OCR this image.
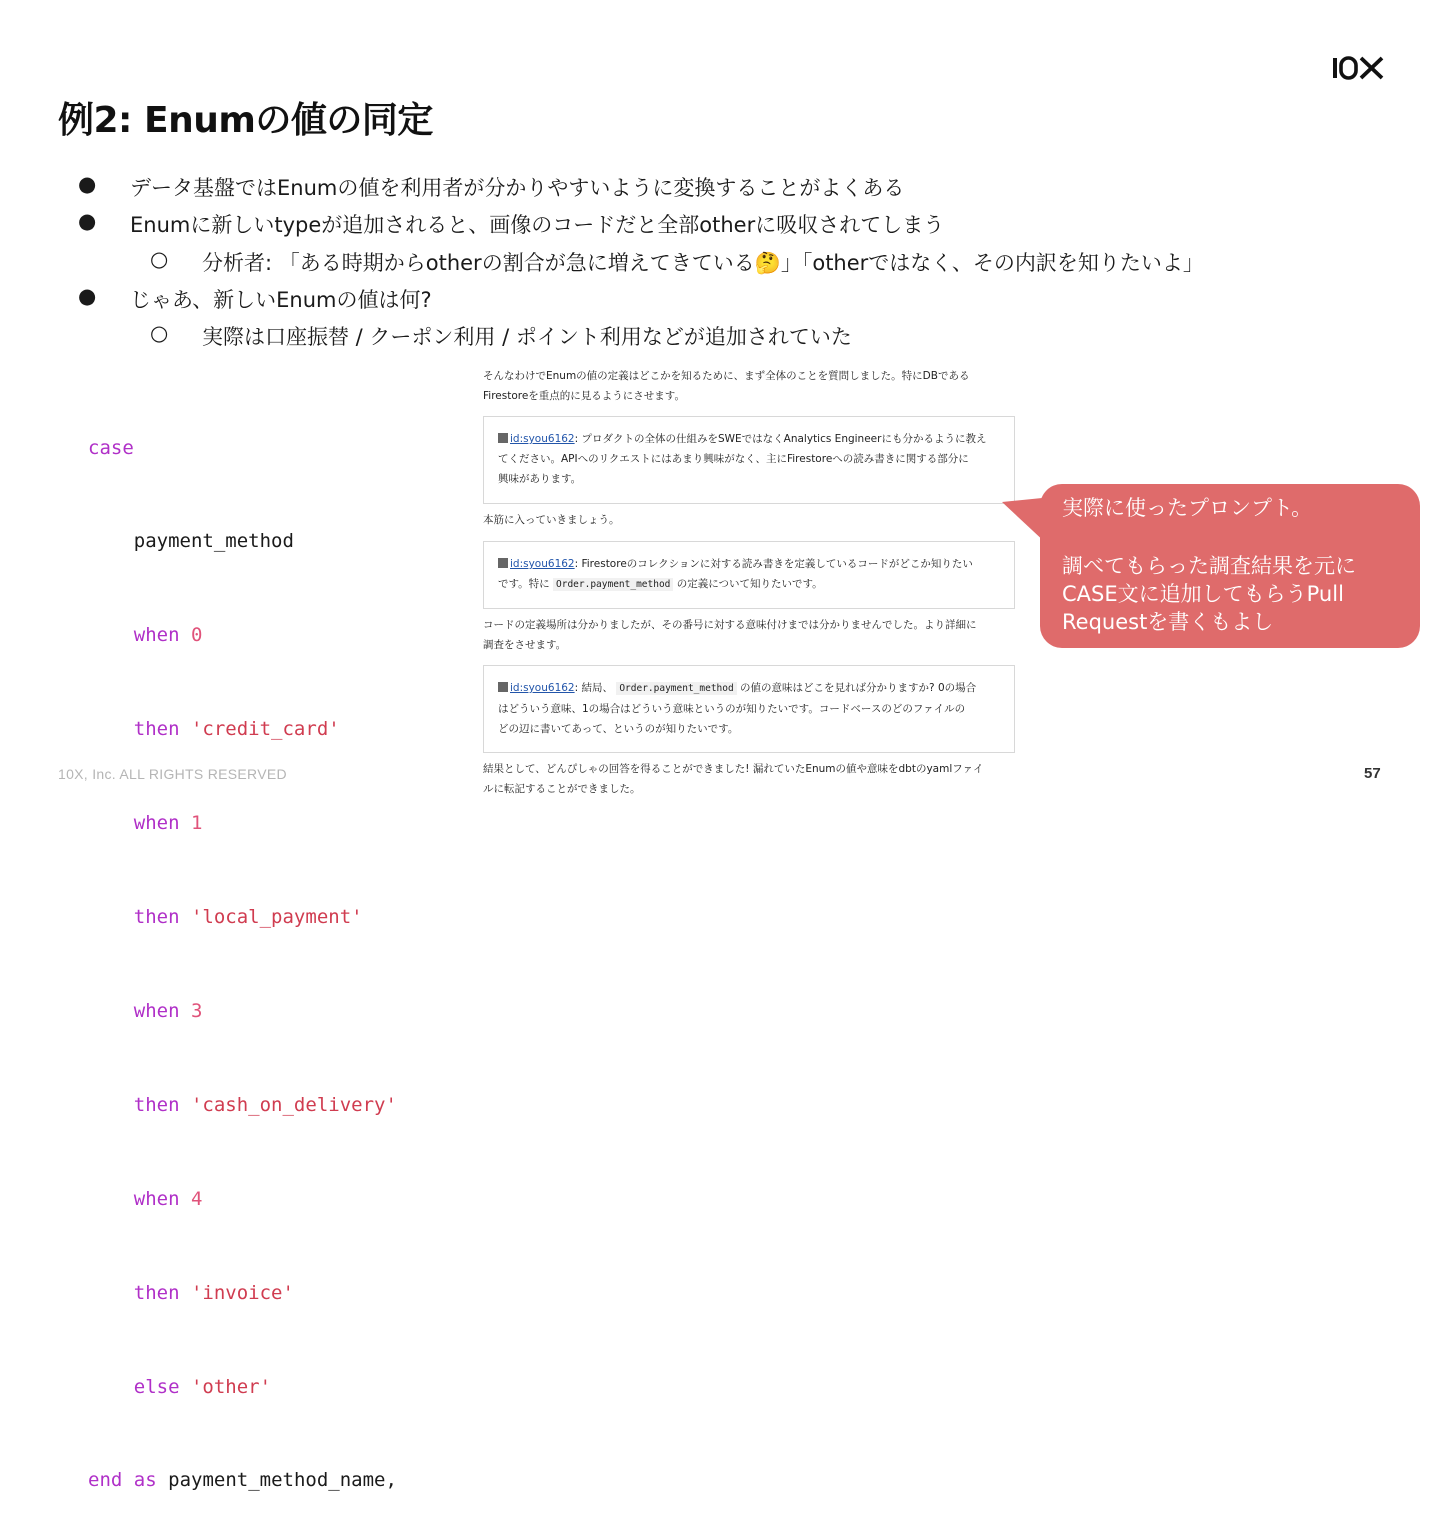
例2: Enumの値の同定
● データ基盤ではEnumの値を利用者が分かりやすいように変換することがよくある
● Enumに新しいtypeが追加されると、画像のコードだと全部otherに吸収されてしまう
○ 分析者: 「ある時期からotherの割合が急に増えてきている🤔」「otherではなく、その内訳を知りたいよ」
● じゃあ、新しいEnumの値は何?
○ 実際は口座振替 / クーポン利用 / ポイント利用などが追加されていた

case

payment_method

when 0

then 'credit_card'

when 1

then 'local_payment'

when 3

then 'cash_on_delivery'

when 4

then 'invoice'

else 'other'

end as payment_method_name,

そんなわけでEnumの値の定義はどこかを知るために、まず全体のことを質問しました。特にDBである
Firestoreを重点的に見るようにさせます。
id:syou6162: プロダクトの全体の仕組みをSWEではなくAnalytics Engineerにも分かるように教え
てください。APIへのリクエストにはあまり興味がなく、主にFirestoreへの読み書きに関する部分に
興味があります。
本筋に入っていきましょう。
id:syou6162: Firestoreのコレクションに対する読み書きを定義しているコードがどこか知りたい
です。特に Order.payment_method の定義について知りたいです。
コードの定義場所は分かりましたが、その番号に対する意味付けまでは分かりませんでした。より詳細に
調査をさせます。
id:syou6162: 結局、 Order.payment_method の値の意味はどこを見れば分かりますか? 0の場合
はどういう意味、1の場合はどういう意味というのが知りたいです。コードベースのどのファイルの
どの辺に書いてあって、というのが知りたいです。
結果として、どんぴしゃの回答を得ることができました! 漏れていたEnumの値や意味をdbtのyamlファイ
ルに転記することができました。
実際に使ったプロンプト。
調べてもらった調査結果を元に
CASE文に追加してもらうPull
Requestを書くもよし
10X, Inc. ALL RIGHTS RESERVED	57
